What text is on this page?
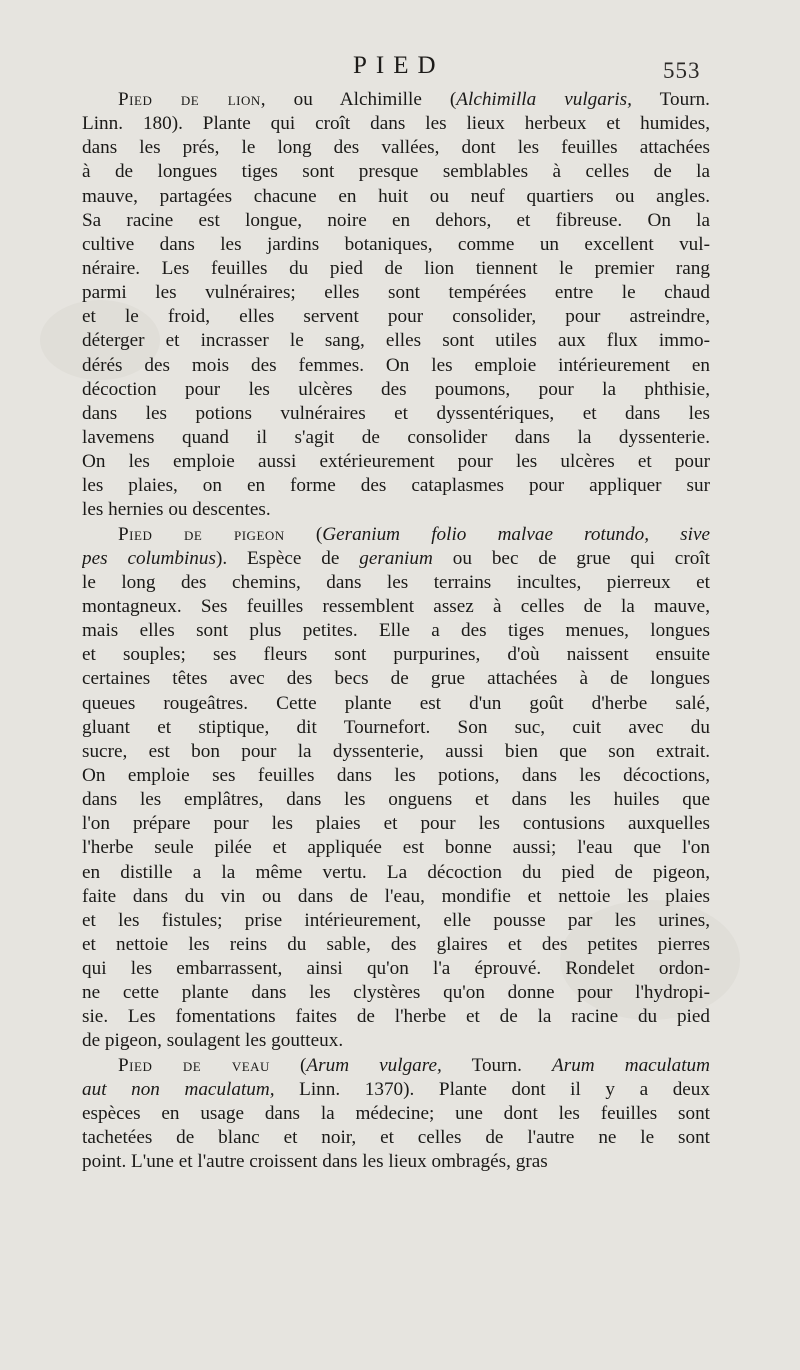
PIED	553
Pied de lion, ou Alchimille (Alchimilla vulgaris, Tourn.
Linn. 180). Plante qui croît dans les lieux herbeux et humides,
dans les prés, le long des vallées, dont les feuilles attachées
à de longues tiges sont presque semblables à celles de la
mauve, partagées chacune en huit ou neuf quartiers ou angles.
Sa racine est longue, noire en dehors, et fibreuse. On la
cultive dans les jardins botaniques, comme un excellent vul-
néraire. Les feuilles du pied de lion tiennent le premier rang
parmi les vulnéraires; elles sont tempérées entre le chaud
et le froid, elles servent pour consolider, pour astreindre,
déterger et incrasser le sang, elles sont utiles aux flux immo-
dérés des mois des femmes. On les emploie intérieurement en
décoction pour les ulcères des poumons, pour la phthisie,
dans les potions vulnéraires et dyssentériques, et dans les
lavemens quand il s'agit de consolider dans la dyssenterie.
On les emploie aussi extérieurement pour les ulcères et pour
les plaies, on en forme des cataplasmes pour appliquer sur
les hernies ou descentes.
Pied de pigeon (Geranium folio malvae rotundo, sive
pes columbinus). Espèce de geranium ou bec de grue qui croît
le long des chemins, dans les terrains incultes, pierreux et
montagneux. Ses feuilles ressemblent assez à celles de la mauve,
mais elles sont plus petites. Elle a des tiges menues, longues
et souples; ses fleurs sont purpurines, d'où naissent ensuite
certaines têtes avec des becs de grue attachées à de longues
queues rougeâtres. Cette plante est d'un goût d'herbe salé,
gluant et stiptique, dit Tournefort. Son suc, cuit avec du
sucre, est bon pour la dyssenterie, aussi bien que son extrait.
On emploie ses feuilles dans les potions, dans les décoctions,
dans les emplâtres, dans les onguens et dans les huiles que
l'on prépare pour les plaies et pour les contusions auxquelles
l'herbe seule pilée et appliquée est bonne aussi; l'eau que l'on
en distille a la même vertu. La décoction du pied de pigeon,
faite dans du vin ou dans de l'eau, mondifie et nettoie les plaies
et les fistules; prise intérieurement, elle pousse par les urines,
et nettoie les reins du sable, des glaires et des petites pierres
qui les embarrassent, ainsi qu'on l'a éprouvé. Rondelet ordon-
ne cette plante dans les clystères qu'on donne pour l'hydropi-
sie. Les fomentations faites de l'herbe et de la racine du pied
de pigeon, soulagent les goutteux.
Pied de veau (Arum vulgare, Tourn. Arum maculatum
aut non maculatum, Linn. 1370). Plante dont il y a deux
espèces en usage dans la médecine; une dont les feuilles sont
tachetées de blanc et noir, et celles de l'autre ne le sont
point. L'une et l'autre croissent dans les lieux ombragés, gras
